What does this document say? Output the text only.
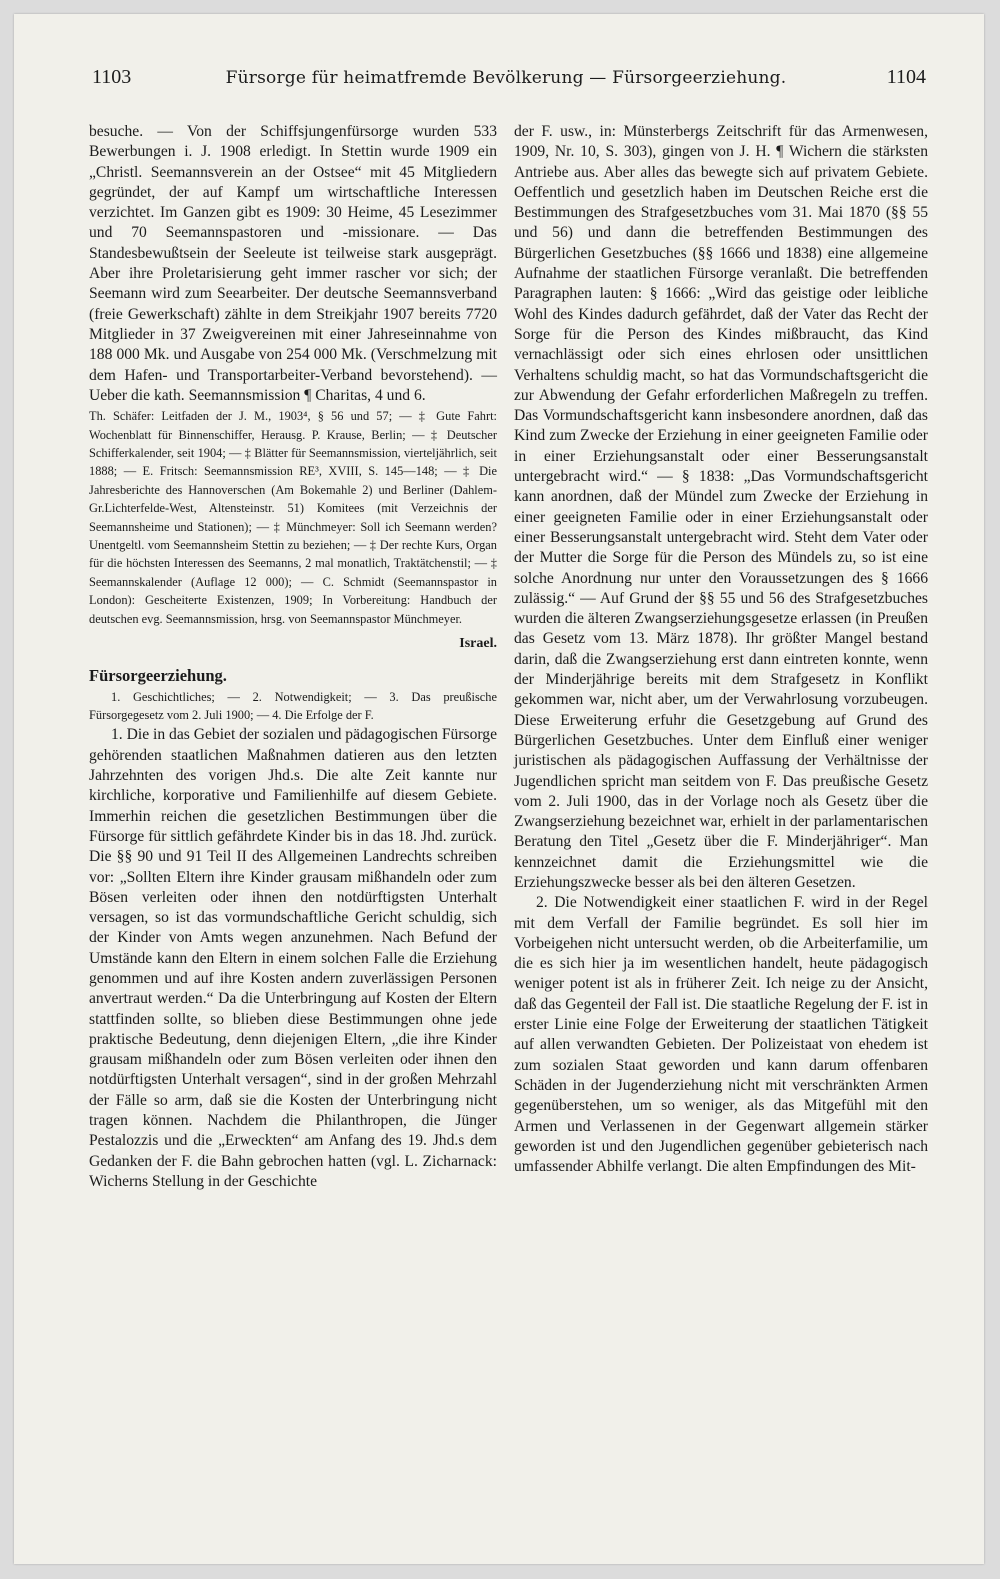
1103	Fürsorge für heimatfremde Bevölkerung — Fürsorgeerziehung.	1104

besuche. — Von der Schiffsjungenfürsorge wurden 533 Bewerbungen i. J. 1908 erledigt. In Stettin wurde 1909 ein „Christl. Seemannsverein an der Ostsee“ mit 45 Mitgliedern gegründet, der auf Kampf um wirtschaftliche Interessen verzichtet. Im Ganzen gibt es 1909: 30 Heime, 45 Lesezimmer und 70 Seemannspastoren und -missionare. — Das Standesbewußtsein der Seeleute ist teilweise stark ausgeprägt. Aber ihre Proletarisierung geht immer rascher vor sich; der Seemann wird zum Seearbeiter. Der deutsche Seemannsverband (freie Gewerkschaft) zählte in dem Streikjahr 1907 bereits 7720 Mitglieder in 37 Zweigvereinen mit einer Jahreseinnahme von 188 000 Mk. und Ausgabe von 254 000 Mk. (Verschmelzung mit dem Hafen- und Transportarbeiter-Verband bevorstehend). — Ueber die kath. Seemannsmission ¶ Charitas, 4 und 6.

Th. Schäfer: Leitfaden der J. M., 1903⁴, § 56 und 57; — ‡ Gute Fahrt: Wochenblatt für Binnenschiffer, Herausg. P. Krause, Berlin; — ‡ Deutscher Schifferkalender, seit 1904; — ‡ Blätter für Seemannsmission, vierteljährlich, seit 1888; — E. Fritsch: Seemannsmission RE³, XVIII, S. 145—148; — ‡ Die Jahresberichte des Hannoverschen (Am Bokemahle 2) und Berliner (Dahlem-Gr.Lichterfelde-West, Altensteinstr. 51) Komitees (mit Verzeichnis der Seemannsheime und Stationen); — ‡ Münchmeyer: Soll ich Seemann werden? Unentgeltl. vom Seemannsheim Stettin zu beziehen; — ‡ Der rechte Kurs, Organ für die höchsten Interessen des Seemanns, 2 mal monatlich, Traktätchenstil; — ‡ Seemannskalender (Auflage 12 000); — C. Schmidt (Seemannspastor in London): Gescheiterte Existenzen, 1909; In Vorbereitung: Handbuch der deutschen evg. Seemannsmission, hrsg. von Seemannspastor Münchmeyer.

Israel.

Fürsorgeerziehung.

1. Geschichtliches; — 2. Notwendigkeit; — 3. Das preußische Fürsorgegesetz vom 2. Juli 1900; — 4. Die Erfolge der F.

1. Die in das Gebiet der sozialen und pädagogischen Fürsorge gehörenden staatlichen Maßnahmen datieren aus den letzten Jahrzehnten des vorigen Jhd.s. Die alte Zeit kannte nur kirchliche, korporative und Familienhilfe auf diesem Gebiete. Immerhin reichen die gesetzlichen Bestimmungen über die Fürsorge für sittlich gefährdete Kinder bis in das 18. Jhd. zurück. Die §§ 90 und 91 Teil II des Allgemeinen Landrechts schreiben vor: „Sollten Eltern ihre Kinder grausam mißhandeln oder zum Bösen verleiten oder ihnen den notdürftigsten Unterhalt versagen, so ist das vormundschaftliche Gericht schuldig, sich der Kinder von Amts wegen anzunehmen. Nach Befund der Umstände kann den Eltern in einem solchen Falle die Erziehung genommen und auf ihre Kosten andern zuverlässigen Personen anvertraut werden.“ Da die Unterbringung auf Kosten der Eltern stattfinden sollte, so blieben diese Bestimmungen ohne jede praktische Bedeutung, denn diejenigen Eltern, „die ihre Kinder grausam mißhandeln oder zum Bösen verleiten oder ihnen den notdürftigsten Unterhalt versagen“, sind in der großen Mehrzahl der Fälle so arm, daß sie die Kosten der Unterbringung nicht tragen können. Nachdem die Philanthropen, die Jünger Pestalozzis und die „Erweckten“ am Anfang des 19. Jhd.s dem Gedanken der F. die Bahn gebrochen hatten (vgl. L. Zicharnack: Wicherns Stellung in der Geschichte

der F. usw., in: Münsterbergs Zeitschrift für das Armenwesen, 1909, Nr. 10, S. 303), gingen von J. H. ¶ Wichern die stärksten Antriebe aus. Aber alles das bewegte sich auf privatem Gebiete. Oeffentlich und gesetzlich haben im Deutschen Reiche erst die Bestimmungen des Strafgesetzbuches vom 31. Mai 1870 (§§ 55 und 56) und dann die betreffenden Bestimmungen des Bürgerlichen Gesetzbuches (§§ 1666 und 1838) eine allgemeine Aufnahme der staatlichen Fürsorge veranlaßt. Die betreffenden Paragraphen lauten: § 1666: „Wird das geistige oder leibliche Wohl des Kindes dadurch gefährdet, daß der Vater das Recht der Sorge für die Person des Kindes mißbraucht, das Kind vernachlässigt oder sich eines ehrlosen oder unsittlichen Verhaltens schuldig macht, so hat das Vormundschaftsgericht die zur Abwendung der Gefahr erforderlichen Maßregeln zu treffen. Das Vormundschaftsgericht kann insbesondere anordnen, daß das Kind zum Zwecke der Erziehung in einer geeigneten Familie oder in einer Erziehungsanstalt oder einer Besserungsanstalt untergebracht wird.“ — § 1838: „Das Vormundschaftsgericht kann anordnen, daß der Mündel zum Zwecke der Erziehung in einer geeigneten Familie oder in einer Erziehungsanstalt oder einer Besserungsanstalt untergebracht wird. Steht dem Vater oder der Mutter die Sorge für die Person des Mündels zu, so ist eine solche Anordnung nur unter den Voraussetzungen des § 1666 zulässig.“ — Auf Grund der §§ 55 und 56 des Strafgesetzbuches wurden die älteren Zwangserziehungsgesetze erlassen (in Preußen das Gesetz vom 13. März 1878). Ihr größter Mangel bestand darin, daß die Zwangserziehung erst dann eintreten konnte, wenn der Minderjährige bereits mit dem Strafgesetz in Konflikt gekommen war, nicht aber, um der Verwahrlosung vorzubeugen. Diese Erweiterung erfuhr die Gesetzgebung auf Grund des Bürgerlichen Gesetzbuches. Unter dem Einfluß einer weniger juristischen als pädagogischen Auffassung der Verhältnisse der Jugendlichen spricht man seitdem von F. Das preußische Gesetz vom 2. Juli 1900, das in der Vorlage noch als Gesetz über die Zwangserziehung bezeichnet war, erhielt in der parlamentarischen Beratung den Titel „Gesetz über die F. Minderjähriger“. Man kennzeichnet damit die Erziehungsmittel wie die Erziehungszwecke besser als bei den älteren Gesetzen.

2. Die Notwendigkeit einer staatlichen F. wird in der Regel mit dem Verfall der Familie begründet. Es soll hier im Vorbeigehen nicht untersucht werden, ob die Arbeiterfamilie, um die es sich hier ja im wesentlichen handelt, heute pädagogisch weniger potent ist als in früherer Zeit. Ich neige zu der Ansicht, daß das Gegenteil der Fall ist. Die staatliche Regelung der F. ist in erster Linie eine Folge der Erweiterung der staatlichen Tätigkeit auf allen verwandten Gebieten. Der Polizeistaat von ehedem ist zum sozialen Staat geworden und kann darum offenbaren Schäden in der Jugenderziehung nicht mit verschränkten Armen gegenüberstehen, um so weniger, als das Mitgefühl mit den Armen und Verlassenen in der Gegenwart allgemein stärker geworden ist und den Jugendlichen gegenüber gebieterisch nach umfassender Abhilfe verlangt. Die alten Empfindungen des Mit-
